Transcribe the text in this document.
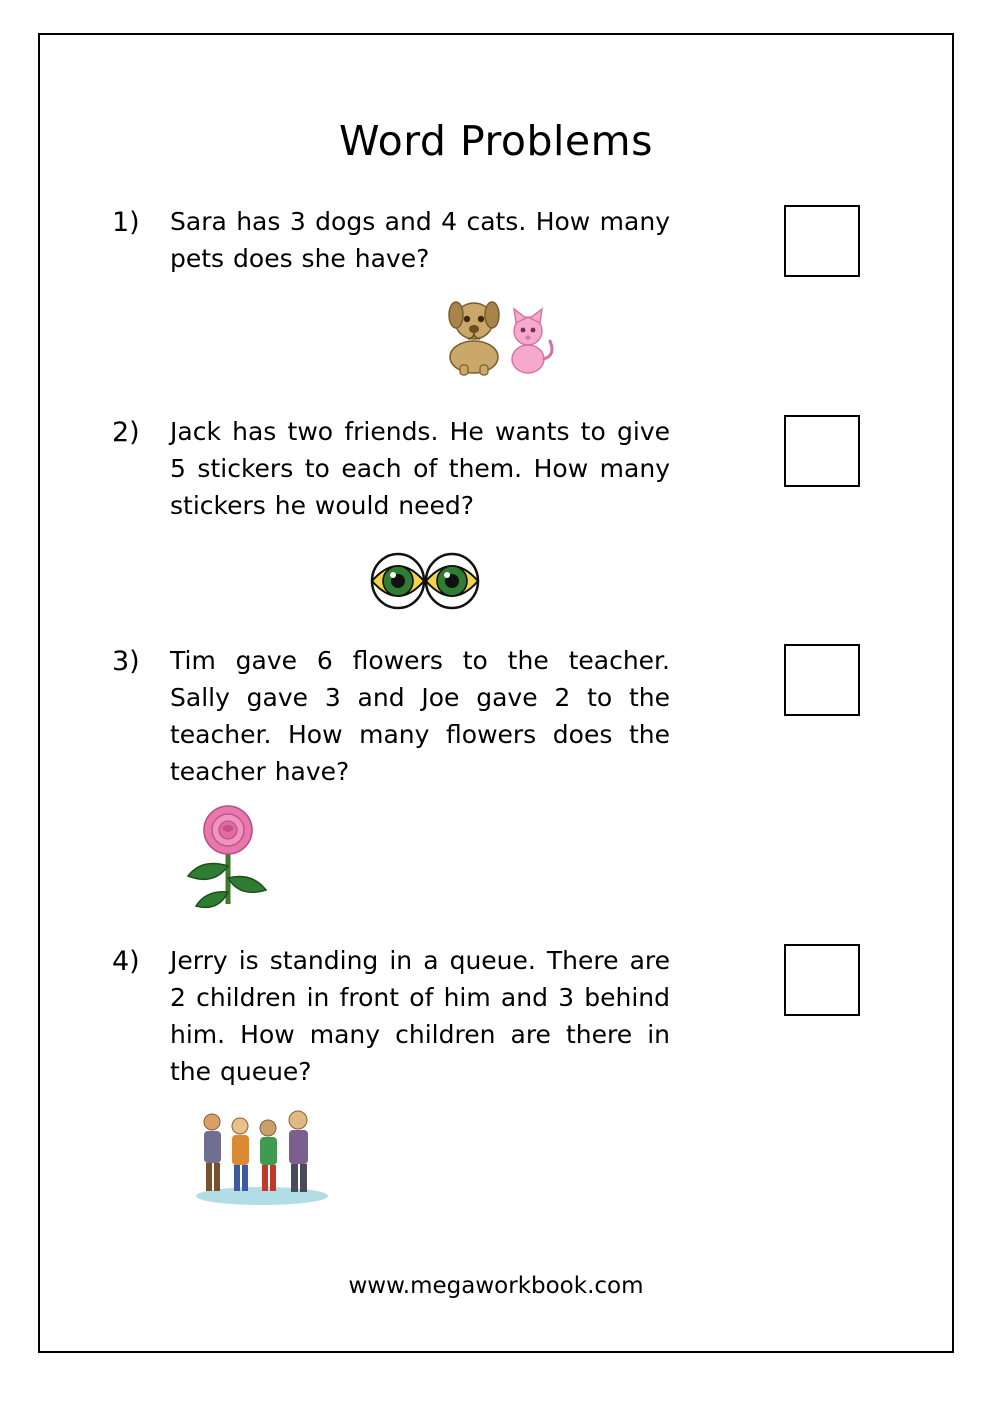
Word Problems
1)	Sara has 3 dogs and 4 cats. How many pets does she have?
2)	Jack has two friends. He wants to give 5 stickers to each of them. How many stickers he would need?
3)	Tim gave 6 flowers to the teacher. Sally gave 3 and Joe gave 2 to the teacher. How many flowers does the teacher have?
4)	Jerry is standing in a queue. There are 2 children in front of him and 3 behind him. How many children are there in the queue?
www.megaworkbook.com
